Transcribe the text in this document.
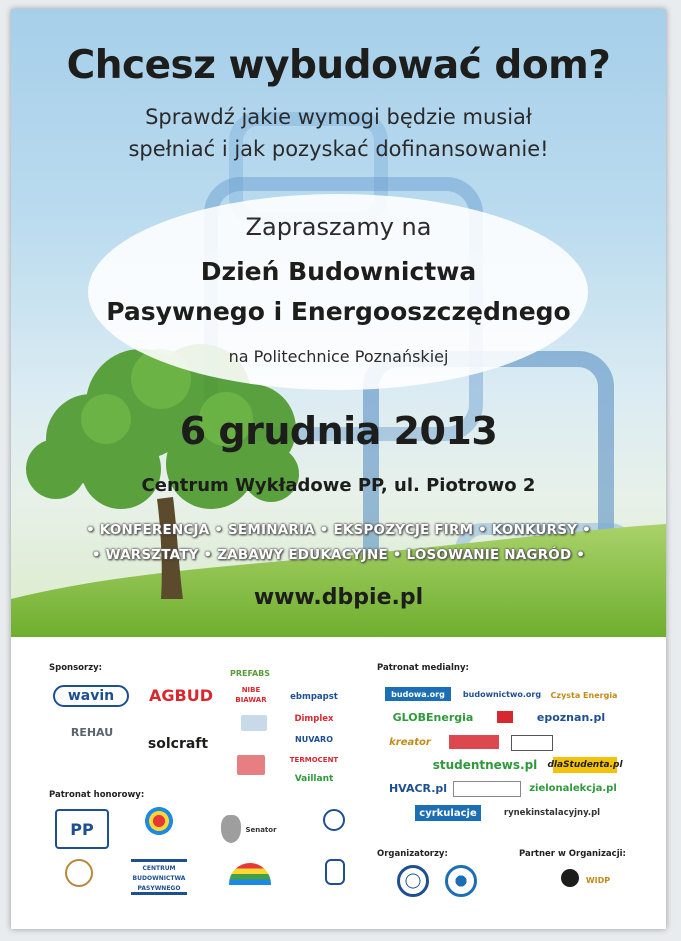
Chcesz wybudować dom?
Sprawdź jakie wymogi będzie musiał
spełniać i jak pozyskać dofinansowanie!
Zapraszamy na
Dzień Budownictwa
Pasywnego i Energooszczędnego
na Politechnice Poznańskiej
6 grudnia 2013
Centrum Wykładowe PP, ul. Piotrowo 2
• KONFERENCJA • SEMINARIA • EKSPOZYCJE FIRM • KONKURSY •
• WARSZTATY • ZABAWY EDUKACYJNE • LOSOWANIE NAGRÓD •
www.dbpie.pl
Sponsorzy:
Patronat honorowy:
Patronat medialny:
Organizatorzy:	Partner w Organizacji:
wavin	AGBUD
REHAU
solcraft
PREFABS
NIBE
BIAWAR	ebmpapst
Dimplex
NUVARO
TERMOCENT
Vaillant
PP	Senator
CENTRUM
BUDOWNICTWA
PASYWNEGO
budowa.org	budownictwo.org Czysta Energia
GLOBEnergia	epoznan.pl
kreator
studentnews.pl	dlaStudenta.pl
HVACR.pl	zielonalekcja.pl
cyrkulacje	rynekinstalacyjny.pl
WIDP
